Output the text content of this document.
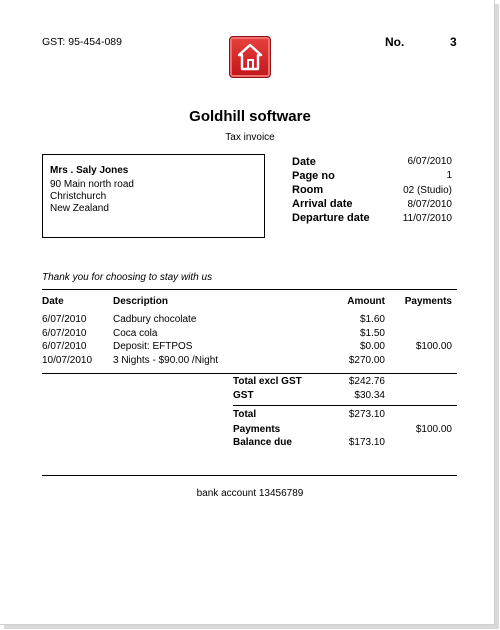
GST: 95-454-089	No.	3
Goldhill software
Tax invoice
Mrs . Saly Jones
90 Main north road
Christchurch
New Zealand
Date	6/07/2010
Page no	1
Room	02 (Studio)
Arrival date	8/07/2010
Departure date	11/07/2010
Thank you for choosing to stay with us
Date	Description	Amount Payments
6/07/2010	Cadbury chocolate	$1.60
6/07/2010	Coca cola	$1.50
6/07/2010	Deposit: EFTPOS	$0.00	$100.00
10/07/2010 3 Nights - $90.00 /Night	$270.00
Total excl GST	$242.76
GST	$30.34
Total	$273.10
Payments	$100.00
Balance due	$173.10
bank account 13456789
